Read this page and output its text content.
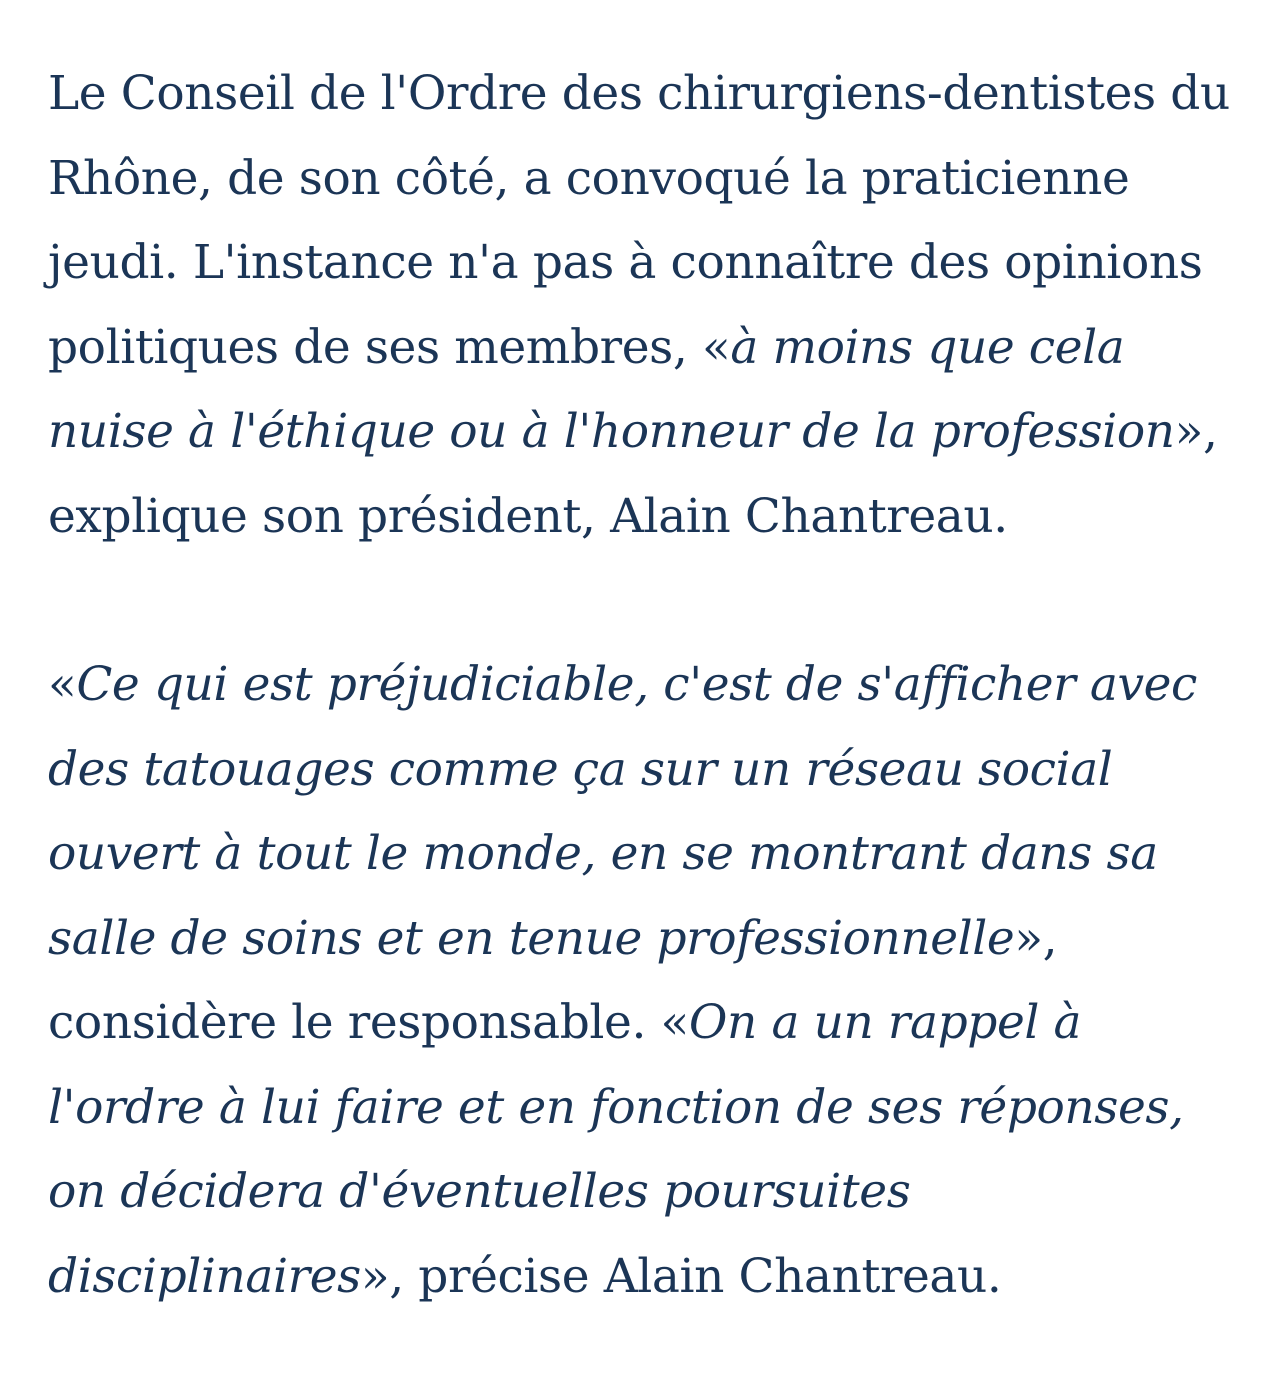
Le Conseil de l'Ordre des chirurgiens-dentistes du Rhône, de son côté, a convoqué la praticienne jeudi. L'instance n'a pas à connaître des opinions politiques de ses membres, «à moins que cela nuise à l'éthique ou à l'honneur de la profession», explique son président, Alain Chantreau.

«Ce qui est préjudiciable, c'est de s'afficher avec des tatouages comme ça sur un réseau social ouvert à tout le monde, en se montrant dans sa salle de soins et en tenue professionnelle», considère le responsable. «On a un rappel à l'ordre à lui faire et en fonction de ses réponses, on décidera d'éventuelles poursuites disciplinaires», précise Alain Chantreau.
